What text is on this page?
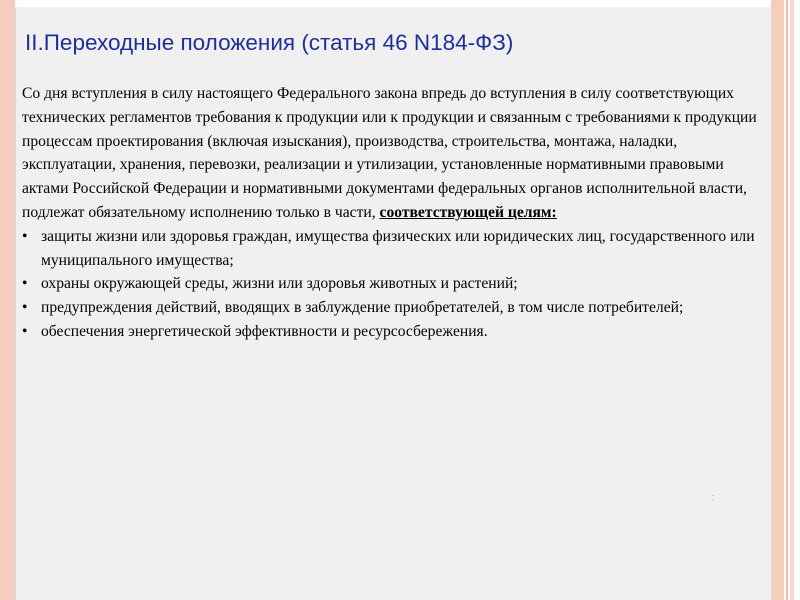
II.Переходные положения (статья 46 N184-ФЗ)

Со дня вступления в силу настоящего Федерального закона впредь до вступления в силу соответствующих технических регламентов требования к продукции или к продукции и связанным с требованиями к продукции процессам проектирования (включая изыскания), производства, строительства, монтажа, наладки, эксплуатации, хранения, перевозки, реализации и утилизации, установленные нормативными правовыми актами Российской Федерации и нормативными документами федеральных органов исполнительной власти, подлежат обязательному исполнению только в части, соответствующей целям:

• защиты жизни или здоровья граждан, имущества физических или юридических лиц, государственного или муниципального имущества;
• охраны окружающей среды, жизни или здоровья животных и растений;
• предупреждения действий, вводящих в заблуждение приобретателей, в том числе потребителей;
• обеспечения энергетической эффективности и ресурсосбережения.
:
